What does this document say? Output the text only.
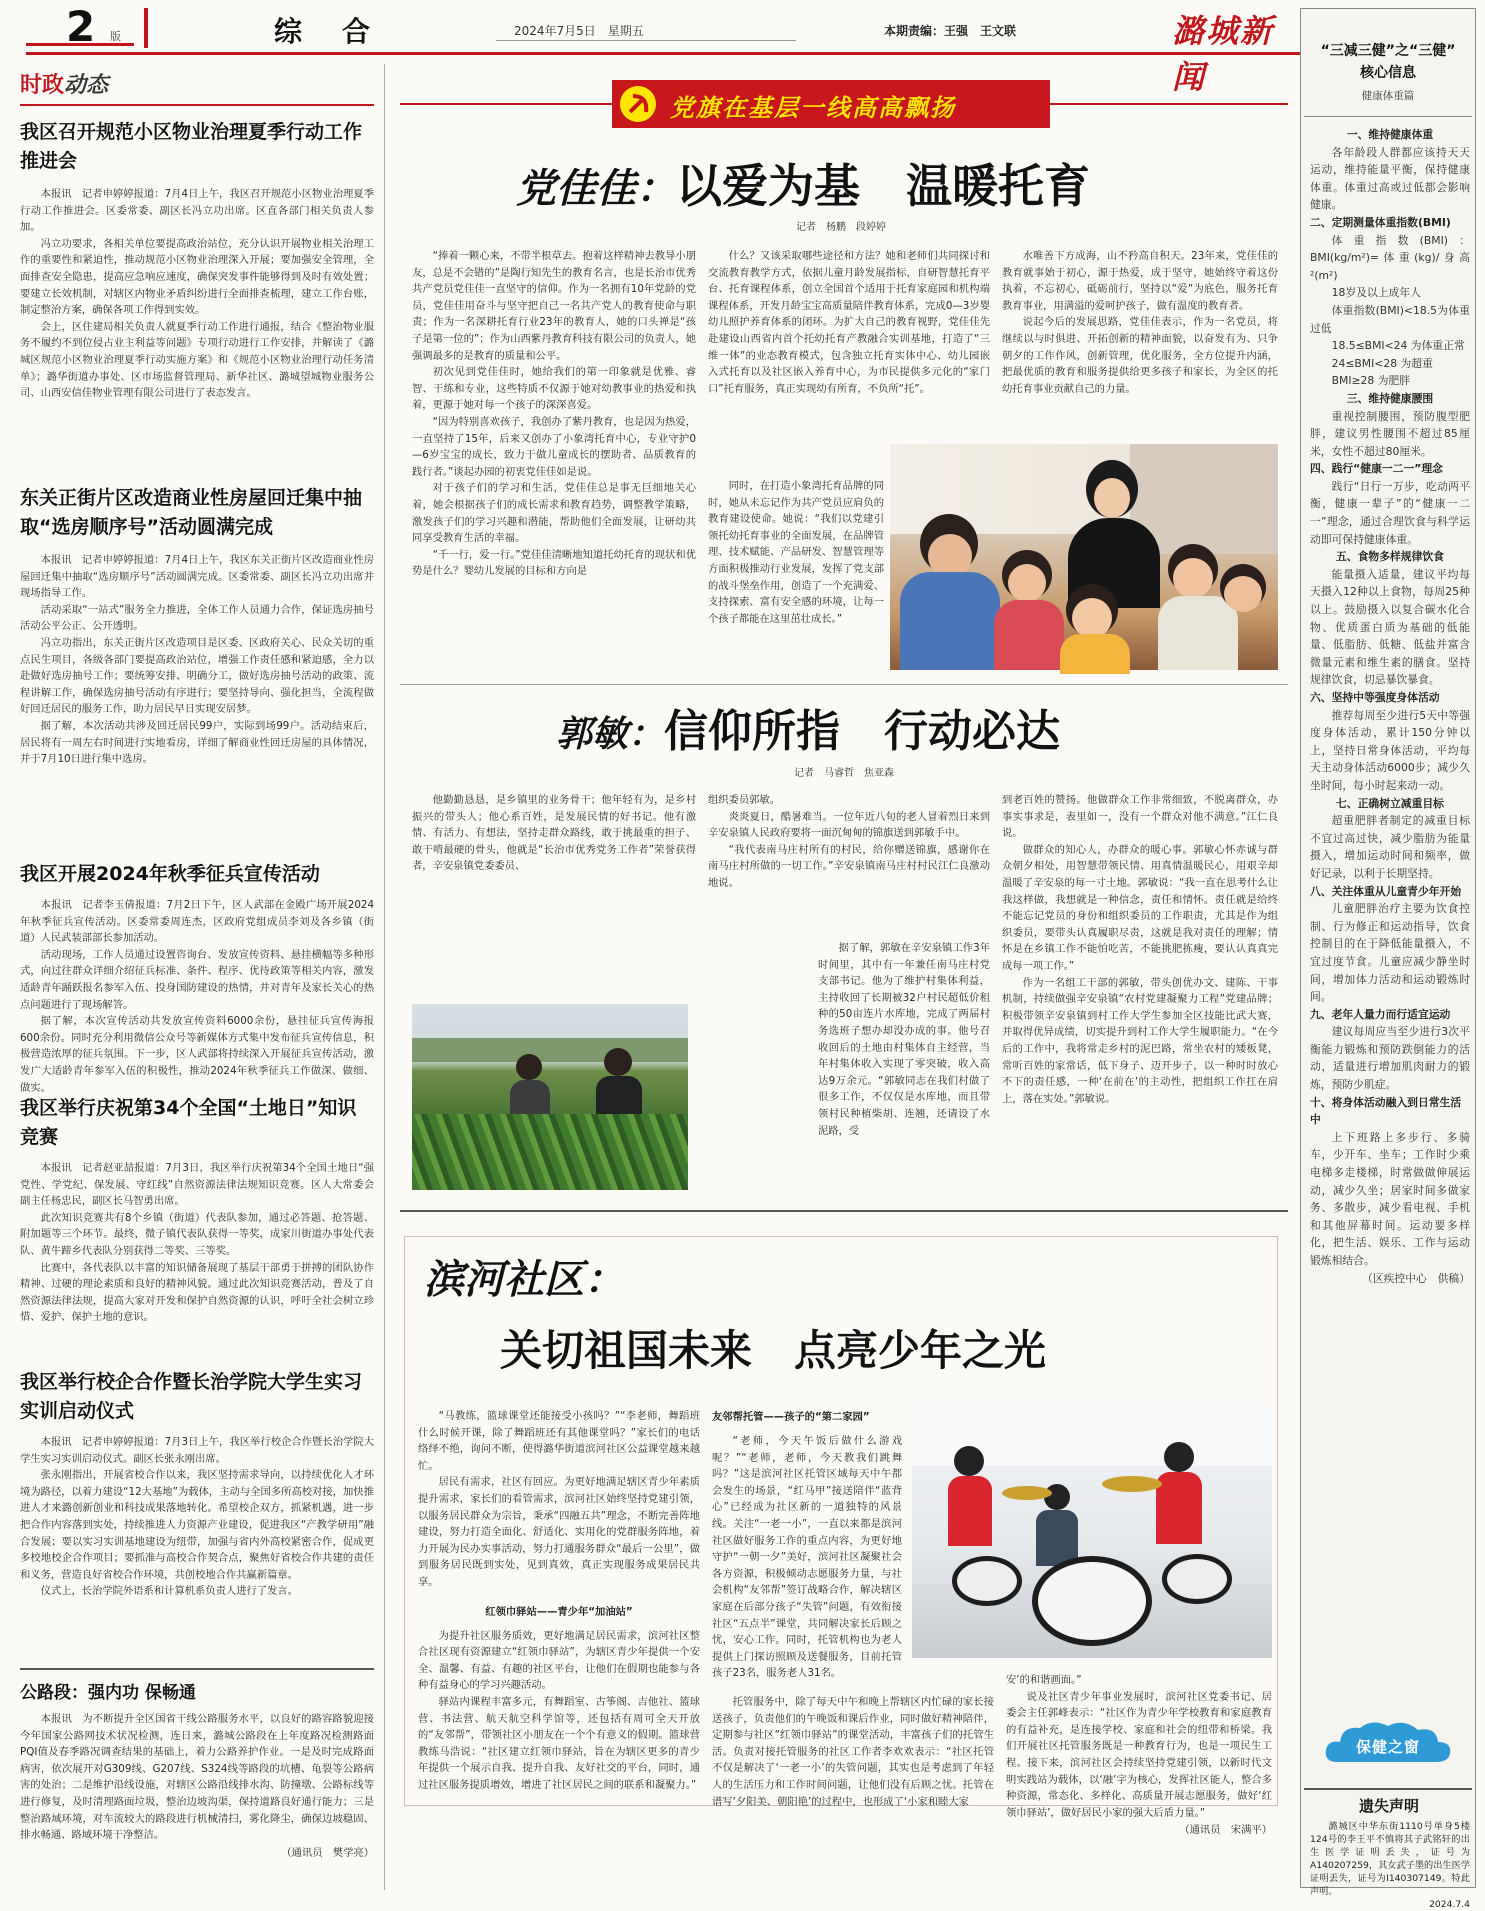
2 版	综　合	2024年7月5日　星期五	本期责编：王强　王文联	潞城新闻
时政动态
我区召开规范小区物业治理夏季行动工作推进会

本报讯　记者申婷婷报道：7月4日上午，我区召开规范小区物业治理夏季行动工作推进会。区委常委、副区长冯立功出席。区直各部门相关负责人参加。

冯立功要求，各相关单位要提高政治站位，充分认识开展物业相关治理工作的重要性和紧迫性，推动规范小区物业治理深入开展；要加强安全管理，全面排查安全隐患，提高应急响应速度，确保突发事件能够得到及时有效处置；要建立长效机制，对辖区内物业矛盾纠纷进行全面排查梳理，建立工作台账，制定整治方案，确保各项工作得到实效。

会上，区住建局相关负责人就夏季行动工作进行通报，结合《整治物业服务不履约不到位侵占业主利益等问题》专项行动进行工作安排，并解读了《潞城区规范小区物业治理夏季行动实施方案》和《规范小区物业治理行动任务清单》；潞华街道办事处、区市场监督管理局、新华社区、潞城望城物业服务公司、山西安信佳物业管理有限公司进行了表态发言。

东关正街片区改造商业性房屋回迁集中抽取“选房顺序号”活动圆满完成

本报讯　记者申婷婷报道：7月4日上午，我区东关正街片区改造商业性房屋回迁集中抽取“选房顺序号”活动圆满完成。区委常委、副区长冯立功出席并现场指导工作。

活动采取“一站式”服务全力推进，全体工作人员通力合作，保证选房抽号活动公平公正、公开透明。

冯立功指出，东关正街片区改造项目是区委、区政府关心、民众关切的重点民生项目，各级各部门要提高政治站位，增强工作责任感和紧迫感，全力以赴做好选房抽号工作；要统筹安排、明确分工，做好选房抽号活动的政策、流程讲解工作，确保选房抽号活动有序进行；要坚持导向、强化担当，全流程做好回迁居民的服务工作，助力居民早日实现安居梦。

据了解，本次活动共涉及回迁居民99户，实际到场99户。活动结束后，居民将有一周左右时间进行实地看房，详细了解商业性回迁房屋的具体情况，并于7月10日进行集中选房。

我区开展2024年秋季征兵宣传活动

本报讯　记者李玉倩报道：7月2日下午，区人武部在金殿广场开展2024年秋季征兵宣传活动。区委常委周连杰，区政府党组成员李刘及各乡镇（街道）人民武装部部长参加活动。

活动现场，工作人员通过设置咨询台、发放宣传资料、悬挂横幅等多种形式，向过往群众详细介绍征兵标准、条件、程序、优待政策等相关内容，激发适龄青年踊跃报名参军入伍、投身国防建设的热情，并对青年及家长关心的热点问题进行了现场解答。

据了解，本次宣传活动共发放宣传资料6000余份，悬挂征兵宣传海报600余份。同时充分利用微信公众号等新媒体方式集中发布征兵宣传信息，积极营造浓厚的征兵氛围。下一步，区人武部将持续深入开展征兵宣传活动，激发广大适龄青年参军入伍的积极性，推动2024年秋季征兵工作做深、做细、做实。

我区举行庆祝第34个全国“土地日”知识竞赛

本报讯　记者赵亚喆报道：7月3日，我区举行庆祝第34个全国土地日“强党性、学党纪、保发展、守红线”自然资源法律法规知识竞赛。区人大常委会副主任杨忠民，副区长马智勇出席。

此次知识竞赛共有8个乡镇（街道）代表队参加，通过必答题、抢答题、附加题等三个环节。最终，微子镇代表队获得一等奖，成家川街道办事处代表队、黄牛蹄乡代表队分别获得二等奖、三等奖。

比赛中，各代表队以丰富的知识储备展现了基层干部勇于拼搏的团队协作精神、过硬的理论素质和良好的精神风貌。通过此次知识竞赛活动，普及了自然资源法律法规，提高大家对开发和保护自然资源的认识，呼吁全社会树立珍惜、爱护、保护土地的意识。

我区举行校企合作暨长治学院大学生实习实训启动仪式

本报讯　记者申婷婷报道：7月3日上午，我区举行校企合作暨长治学院大学生实习实训启动仪式。副区长张永刚出席。

张永刚指出，开展省校合作以来，我区坚持需求导向，以持续优化人才环境为路径，以着力建设“12大基地”为载体，主动与全国多所高校对接，加快推进人才来潞创新创业和科技成果落地转化。希望校企双方，抓紧机遇，进一步把合作内容落到实处，持续推进人力资源产业建设，促进我区“产教学研用”融合发展；要以实习实训基地建设为纽带，加强与省内外高校紧密合作，促成更多校地校企合作项目；要抓准与高校合作契合点，聚焦好省校合作共建的责任和义务，营造良好省校合作环境，共创校地合作共赢新篇章。

仪式上，长治学院外语系和计算机系负责人进行了发言。

公路段：强内功 保畅通

本报讯　为不断提升全区国省干线公路服务水平，以良好的路容路貌迎接今年国家公路网技术状况检测，连日来，潞城公路段在上年度路况检测路面PQI值及春季路况调查结果的基础上，着力公路养护作业。一是及时完成路面病害，依次展开对G309线、G207线、S324线等路段的坑槽、龟裂等公路病害的处治；二是维护沿线设施，对辖区公路沿线排水沟、防撞墩、公路标线等进行修复，及时清理路面垃圾，整治边坡沟渠，保持道路良好通行能力；三是整治路域环境，对车流较大的路段进行机械清扫，雾化降尘，确保边坡稳固、排水畅通、路域环境干净整洁。

（通讯员　樊学亮）
党旗在基层一线高高飘扬
党佳佳：以爱为基　温暖托育
记者　杨鹏　段婷婷

“捧着一颗心来，不带半根草去。抱着这样精神去教导小朋友，总是不会错的”是陶行知先生的教育名言，也是长治市优秀共产党员党佳佳一直坚守的信仰。作为一名拥有10年党龄的党员，党佳佳用奋斗与坚守把自己一名共产党人的教育使命与职责；作为一名深耕托育行业23年的教育人，她的口头禅是“孩子是第一位的”；作为山西紫丹教育科技有限公司的负责人，她强调最多的是教育的质量和公平。

初次见到党佳佳时，她给我们的第一印象就是优雅、睿智、干练和专业，这些特质不仅源于她对幼教事业的热爱和执着，更源于她对每一个孩子的深深喜爱。

“因为特别喜欢孩子，我创办了紫丹教育，也是因为热爱，一直坚持了15年，后来又创办了小象湾托育中心，专业守护0—6岁宝宝的成长，致力于做儿童成长的摆助者、品质教育的践行者。”谈起办园的初衷党佳佳如是说。

对于孩子们的学习和生活，党佳佳总是事无巨细地关心着，她会根据孩子们的成长需求和教育趋势，调整教学策略，激发孩子们的学习兴趣和潜能，帮助他们全面发展，让研幼共同享受教育生活的幸福。

“千一行，爱一行。”党佳佳清晰地知道托幼托育的现状和优势是什么？婴幼儿发展的目标和方向是

什么？又该采取哪些途径和方法？她和老师们共同探讨和交流教育教学方式，依据儿童月龄发展指标，自研智慧托育平台、托育课程体系，创立全国首个适用于托育家庭园和机构端课程体系，开发月龄宝宝高质量陪伴教育体系，完成0—3岁婴幼儿照护养育体系的闭环。为扩大自己的教育视野，党佳佳先赴建设山西省内首个托幼托育产教融合实训基地，打造了“三维一体”的业态教育模式，包含独立托育实体中心、幼儿园嵌入式托育以及社区嵌入养育中心，为市民提供多元化的“家门口”托育服务，真正实现幼有所育，不负所“托”。

同时，在打造小象湾托育品牌的同时，她从未忘记作为共产党员应肩负的教育建设使命。她说：“我们以党建引领托幼托育事业的全面发展，在品牌管理、技术赋能、产品研发、智慧管理等方面积极推动行业发展，发挥了党支部的战斗堡垒作用，创造了一个充满爱、支持探索、富有安全感的环境，让每一个孩子都能在这里茁壮成长。”

水唯善下方成海，山不矜高自积天。23年来，党佳佳的教育就事始于初心，源于热爱，成于坚守，她始终守着这份执着，不忘初心，砥砺前行，坚持以“爱”为底色，服务托育教育事业，用满溢的爱呵护孩子，做有温度的教育者。

说起今后的发展思路，党佳佳表示，作为一名党员，将继续以与时俱进、开拓创新的精神面貌，以奋发有为、只争朝夕的工作作风，创新管理，优化服务，全方位提升内涵，把最优质的教育和服务提供给更多孩子和家长，为全区的托幼托育事业贡献自己的力量。

郭敏：信仰所指　行动必达
记者　马睿哲　焦亚森

他勤勤恳恳，是乡镇里的业务骨干；他年轻有为，是乡村振兴的带头人；他心系百姓，是发展民情的好书记。他有激情、有活力、有想法，坚持走群众路线，敢于挑最重的担子、敢干啃最硬的骨头，他就是“长治市优秀党务工作者”荣誉获得者，辛安泉镇党委委员、

组织委员郭敏。

炎炎夏日，酷暑难当。一位年近八旬的老人冒着烈日来到辛安泉镇人民政府要将一面沉甸甸的锦旗送到郭敏手中。

“我代表南马庄村所有的村民，给你赠送锦旗，感谢你在南马庄村所做的一切工作。”辛安泉镇南马庄村村民江仁良激动地说。

据了解，郭敏在辛安泉镇工作3年时间里，其中有一年兼任南马庄村党支部书记。他为了维护村集体利益，主持收回了长期被32户村民超低价租种的50亩连片水库地，完成了两届村务选班子想办却没办成的事。他号召收回后的土地由村集体自主经营，当年村集体收入实现了零突破，收入高达9万余元。“郭敏同志在我们村做了很多工作，不仅仅是水库地，而且带领村民种植柴胡、连翘，还请设了水泥路，受

到老百姓的赞扬。他做群众工作非常细致，不脱离群众，办事实事求是，表里如一，没有一个群众对他不满意。”江仁良说。

做群众的知心人，办群众的暖心事。郭敏心怀赤诚与群众朝夕相处，用智慧带领民情、用真情温暖民心，用艰辛却温暖了辛安泉的每一寸土地。郭敏说：“我一直在思考什么让我这样做，我想就是一种信念，责任和情怀。责任就是给终不能忘记党员的身份和组织委员的工作职责，尤其是作为组织委员，要带头认真履职尽责，这就是我对责任的理解；情怀是在乡镇工作不能怕吃苦，不能挑肥拣瘦，要认认真真完成每一项工作。”

作为一名组工干部的郭敏，带头创优办文、建陈、干事机制，持续做强辛安泉镇“农村党建凝聚力工程”党建品牌；积极带领辛安泉镇到村工作大学生参加全区技能比武大赛，并取得优异成绩，切实提升到村工作大学生履职能力。“在今后的工作中，我将常走乡村的泥巴路，常坐农村的矮板凳，常听百姓的家常话，低下身子、迈开步子，以一种时时放心不下的责任感，一种‘在前在’的主动性，把组织工作扛在肩上，落在实处。”郭敏说。

滨河社区：
关切祖国未来　点亮少年之光

“马教练，篮球课堂还能接受小孩吗？”“李老师，舞蹈班什么时候开课，除了舞蹈班还有其他课堂吗？”家长们的电话络绎不绝，询问不断，使得潞华街道滨河社区公益课堂越来越忙。

居民有需求，社区有回应。为更好地满足辖区青少年素质提升需求，家长们的看管需求，滨河社区始终坚持党建引领，以服务居民群众为宗旨，秉承“四融五共”理念，不断完善阵地建设，努力打造全面化、舒适化、实用化的党群服务阵地，着力开展为民办实事活动，努力打通服务群众“最后一公里”，做到服务居民既到实处，见到真效，真正实现服务成果居民共享。

红领巾驿站——青少年“加油站”

为提升社区服务质效，更好地满足居民需求，滨河社区整合社区现有资源建立“红领巾驿站”，为辖区青少年提供一个安全、温馨、有益、有趣的社区平台，让他们在假期也能参与各种有益身心的学习兴趣活动。

驿站内课程丰富多元，有舞蹈室、古筝阁、吉他社、篮球营、书法营、航天航空科学馆等，还包括有周可全天开放的“友邻帮”，带领社区小朋友在一个个有意义的假期。篮球营教练马浩说：“社区建立红领巾驿站，旨在为辖区更多的青少年提供一个展示自我、提升自我、友好社交的平台，同时，通过社区服务提质增效，增进了社区居民之间的联系和凝聚力。”

友邻帮托管——孩子的“第二家园”

“老师，今天午饭后做什么游戏呢？”“老师，老师，今天教我们跳舞吗？”这是滨河社区托管区域每天中午都会发生的场景，“红马甲”接送陪伴“蓝背心”已经成为社区新的一道独特的风景线。关注“一老一小”，一直以来都是滨河社区做好服务工作的重点内容，为更好地守护“一朝一夕”美好，滨河社区凝聚社会各方资源，积极倾动志愿服务力量，与社会机构“友邻帮”签订战略合作，解决辖区家庭在后部分孩子“失管”问题，有效衔接社区“五点半”课堂，共同解决家长后顾之忧，安心工作。同时，托管机构也为老人提供上门探访照顾及送餐服务，目前托管孩子23名，服务老人31名。

托管服务中，除了每天中午和晚上帮辖区内忙碌的家长接送孩子，负责他们的午晚饭和课后作业，同时做好精神陪伴，定期参与社区“红领巾驿站”的课堂活动，丰富孩子们的托管生活。负责对接托管服务的社区工作者李欢欢表示：“社区托管不仅是解决了‘一老一小’的失管问题，其实也是考虑到了年轻人的生活压力和工作时间问题，让他们没有后顾之忧。托管在谱写‘夕阳美、朝阳艳’的过程中，也形成了‘小家和睦大家

安’的和谐画面。”

说及社区青少年事业发展时，滨河社区党委书记、居委会主任郭峰表示：“社区作为青少年学校教育和家庭教育的有益补充，是连接学校、家庭和社会的纽带和桥梁。我们开展社区托管服务既是一种教育行为，也是一项民生工程。接下来，滨河社区会持续坚持党建引领，以新时代文明实践站为载体，以‘融’字为核心，发挥社区能人，整合多种资源，常态化、多样化、高质量开展志愿服务，做好‘红领巾驿站’，做好居民小家的强大后盾力量。”

（通讯员　宋满平）
“三减三健”之“三健”
核心信息
健康体重篇
一、维持健康体重
各年龄段人群都应该持天天运动，维持能量平衡，保持健康体重。体重过高或过低都会影响健康。
二、定期测量体重指数(BMI)
体重指数(BMI)：BMI(kg/m²)=体重(kg)/身高²(m²)
18岁及以上成年人
体重指数(BMI)<18.5为体重过低
18.5≤BMI<24 为体重正常
24≤BMI<28 为超重
BMI≥28 为肥胖
三、维持健康腰围
重视控制腰围，预防腹型肥胖，建议男性腰围不超过85厘米，女性不超过80厘米。
四、践行“健康一二一”理念
践行“日行一万步，吃动两平衡，健康一辈子”的“健康一二一”理念，通过合理饮食与科学运动即可保持健康体重。
五、食物多样规律饮食
能量摄入适量，建议平均每天摄入12种以上食物，每周25种以上。鼓励摄入以复合碳水化合物、优质蛋白质为基础的低能量、低脂肪、低糖、低盐并富含微量元素和维生素的膳食。坚持规律饮食，切忌暴饮暴食。
六、坚持中等强度身体活动
推荐每周至少进行5天中等强度身体活动，累计150分钟以上，坚持日常身体活动，平均每天主动身体活动6000步；减少久坐时间，每小时起来动一动。
七、正确树立减重目标
超重肥胖者制定的减重目标不宜过高过快，减少脂肪为能量摄入，增加运动时间和频率，做好记录，以利于长期坚持。
八、关注体重从儿童青少年开始
儿童肥胖治疗主要为饮食控制、行为修正和运动指导，饮食控制目的在于降低能量摄入，不宜过度节食。儿童应减少静坐时间，增加体力活动和运动锻炼时间。
九、老年人量力而行适宜运动
建议每周应当至少进行3次平衡能力锻炼和预防跌倒能力的活动，适量进行增加肌肉耐力的锻炼，预防少肌症。
十、将身体活动融入到日常生活中
上下班路上多步行、多骑车，少开车、坐车；工作时少乘电梯多走楼梯，时常做做伸展运动，减少久坐；居家时间多做家务、多散步，减少看电视、手机和其他屏幕时间。运动要多样化，把生活、娱乐、工作与运动锻炼相结合。
（区疾控中心　供稿）
保健之窗
遗失声明
潞城区中华东街1110号单身5楼124号的李王平不慎将其子武铭轩的出生医学证明丢失，证号为A140207259，其女武子墨的出生医学证明丢失，证号为I140307149。特此声明。
2024.7.4
